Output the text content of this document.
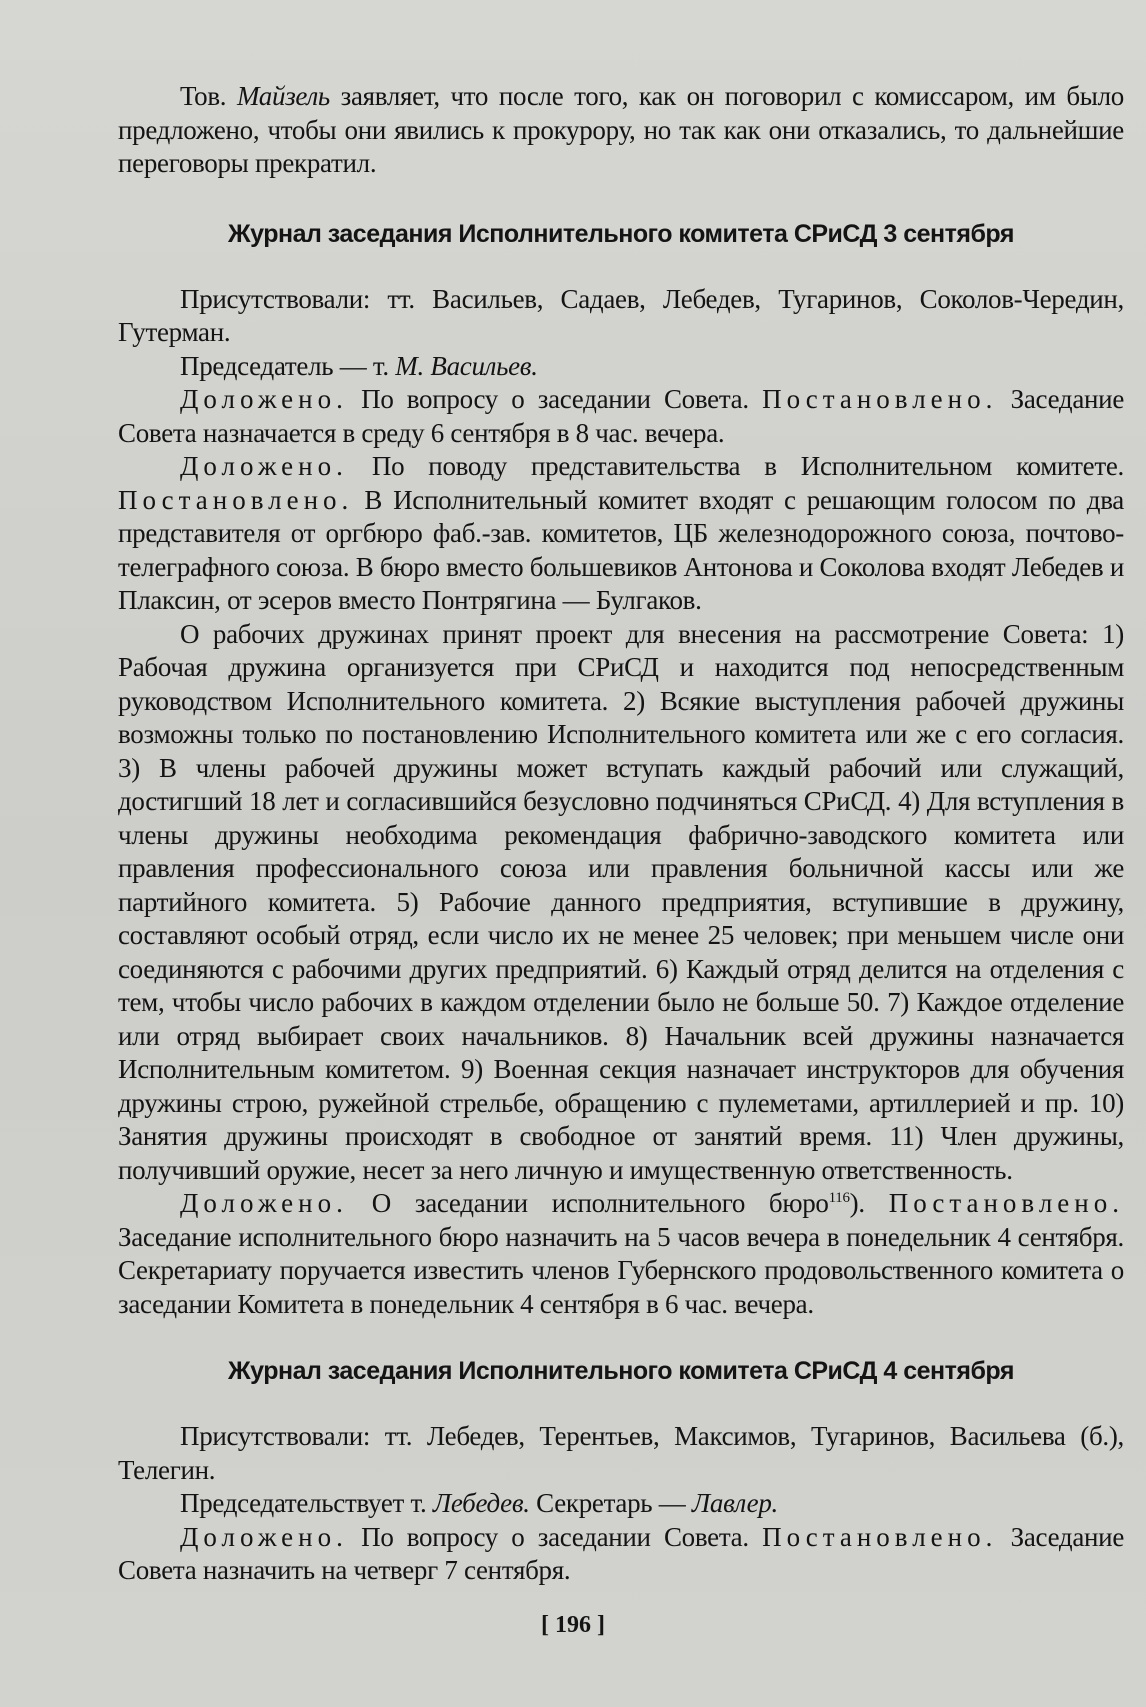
Тов. Майзель заявляет, что после того, как он поговорил с комиссаром, им было предложено, чтобы они явились к прокурору, но так как они отказались, то дальнейшие переговоры прекратил.

Журнал заседания Исполнительного комитета СРиСД 3 сентября

Присутствовали: тт. Васильев, Садаев, Лебедев, Тугаринов, Соколов-Чередин, Гутерман.

Председатель — т. М. Васильев.

Доложено. По вопросу о заседании Совета. Постановлено. Заседание Совета назначается в среду 6 сентября в 8 час. вечера.

Доложено. По поводу представительства в Исполнительном комитете. Постановлено. В Исполнительный комитет входят с решающим голосом по два представителя от оргбюро фаб.-зав. комитетов, ЦБ железнодорожного союза, почтово-телеграфного союза. В бюро вместо большевиков Антонова и Соколова входят Лебедев и Плаксин, от эсеров вместо Понтрягина — Булгаков.

О рабочих дружинах принят проект для внесения на рассмотрение Совета: 1) Рабочая дружина организуется при СРиСД и находится под непосредственным руководством Исполнительного комитета. 2) Всякие выступления рабочей дружины возможны только по постановлению Исполнительного комитета или же с его согласия. 3) В члены рабочей дружины может вступать каждый рабочий или служащий, достигший 18 лет и согласившийся безусловно подчиняться СРиСД. 4) Для вступления в члены дружины необходима рекомендация фабрично-заводского комитета или правления профессионального союза или правления больничной кассы или же партийного комитета. 5) Рабочие данного предприятия, вступившие в дружину, составляют особый отряд, если число их не менее 25 человек; при меньшем числе они соединяются с рабочими других предприятий. 6) Каждый отряд делится на отделения с тем, чтобы число рабочих в каждом отделении было не больше 50. 7) Каждое отделение или отряд выбирает своих начальников. 8) Начальник всей дружины назначается Исполнительным комитетом. 9) Военная секция назначает инструкторов для обучения дружины строю, ружейной стрельбе, обращению с пулеметами, артиллерией и пр. 10) Занятия дружины происходят в свободное от занятий время. 11) Член дружины, получивший оружие, несет за него личную и имущественную ответственность.

Доложено. О заседании исполнительного бюро$^{116}$). Постановлено. Заседание исполнительного бюро назначить на 5 часов вечера в понедельник 4 сентября. Секретариату поручается известить членов Губернского продовольственного комитета о заседании Комитета в понедельник 4 сентября в 6 час. вечера.

Журнал заседания Исполнительного комитета СРиСД 4 сентября

Присутствовали: тт. Лебедев, Терентьев, Максимов, Тугаринов, Васильева (б.), Телегин.

Председательствует т. Лебедев. Секретарь — Лавлер.

Доложено. По вопросу о заседании Совета. Постановлено. Заседание Совета назначить на четверг 7 сентября.

[ 196 ]
